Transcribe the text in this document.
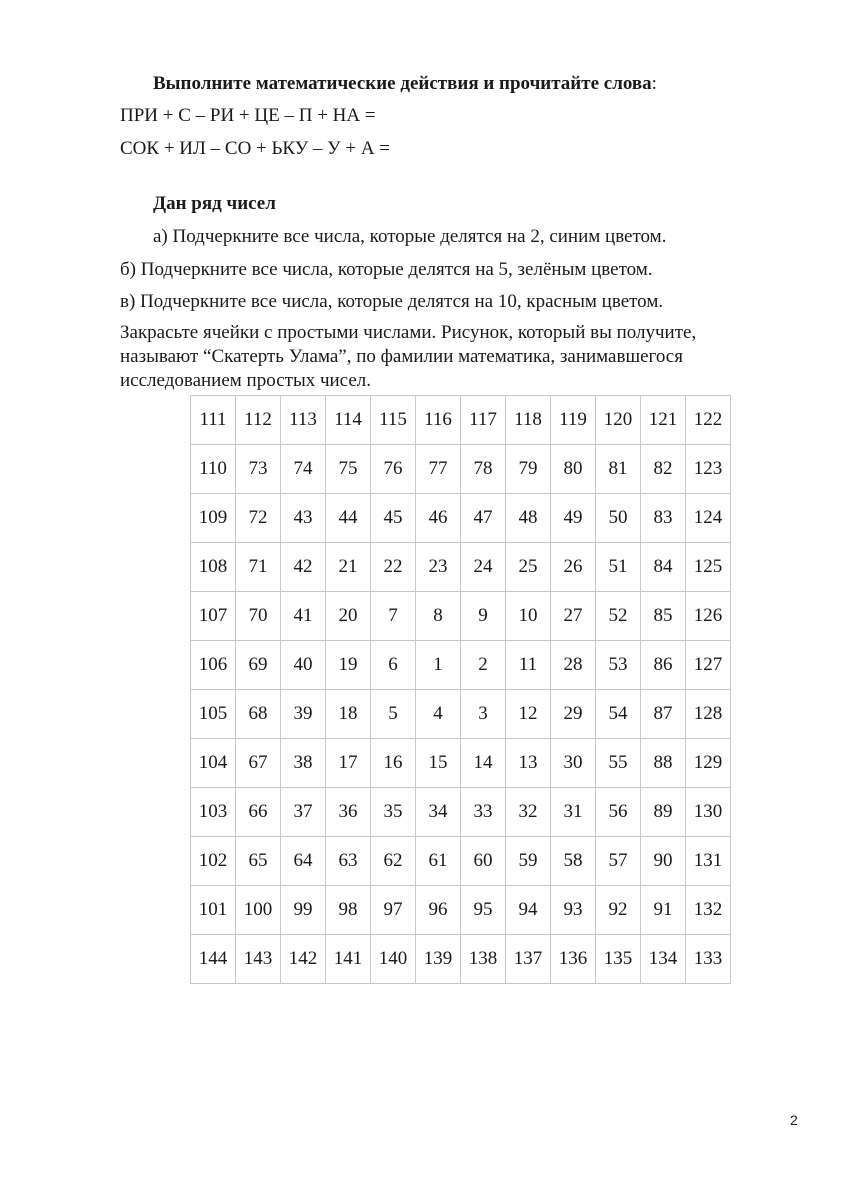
Выполните математические действия и прочитайте слова:
ПРИ + С – РИ + ЦЕ – П + НА =
СОК + ИЛ – СО + ЬКУ – У + А =
Дан ряд чисел
а) Подчеркните все числа, которые делятся на 2, синим цветом.
б) Подчеркните все числа, которые делятся на 5, зелёным цветом.
в) Подчеркните все числа, которые делятся на 10, красным цветом.
Закрасьте ячейки с простыми числами. Рисунок, который вы получите, называют “Скатерть Улама”, по фамилии математика, занимавшегося исследованием простых чисел.
111	112	113	114	115	116	117	118	119	120	121	122
110	73	74	75	76	77	78	79	80	81	82	123
109	72	43	44	45	46	47	48	49	50	83	124
108	71	42	21	22	23	24	25	26	51	84	125
107	70	41	20	7	8	9	10	27	52	85	126
106	69	40	19	6	1	2	11	28	53	86	127
105	68	39	18	5	4	3	12	29	54	87	128
104	67	38	17	16	15	14	13	30	55	88	129
103	66	37	36	35	34	33	32	31	56	89	130
102	65	64	63	62	61	60	59	58	57	90	131
101	100	99	98	97	96	95	94	93	92	91	132
144	143	142	141	140	139	138	137	136	135	134	133
2
